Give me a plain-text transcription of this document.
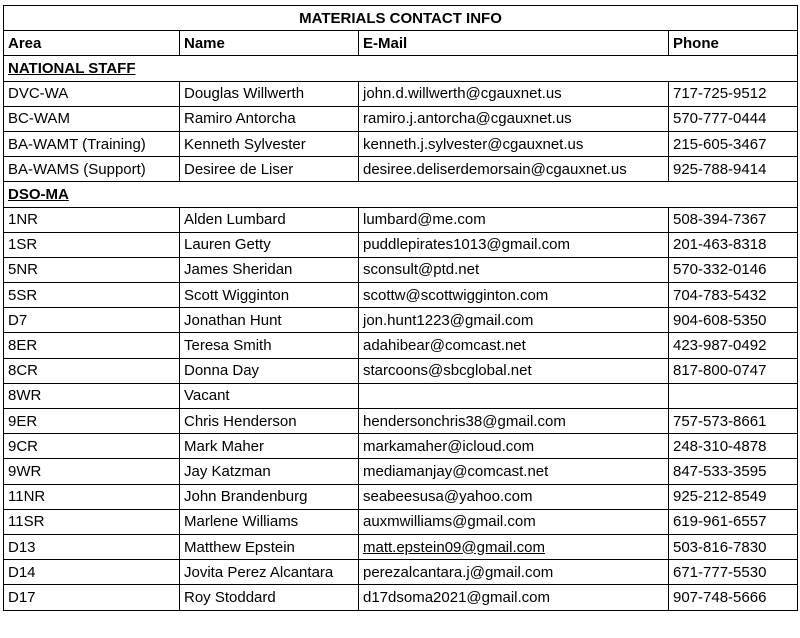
MATERIALS CONTACT INFO			
Area	Name	E-Mail	Phone
NATIONAL STAFF			
DVC-WA	Douglas Willwerth	john.d.willwerth@cgauxnet.us	717-725-9512
BC-WAM	Ramiro Antorcha	ramiro.j.antorcha@cgauxnet.us	570-777-0444
BA-WAMT (Training)	Kenneth Sylvester	kenneth.j.sylvester@cgauxnet.us	215-605-3467
BA-WAMS (Support)	Desiree de Liser	desiree.deliserdemorsain@cgauxnet.us	925-788-9414
DSO-MA			
1NR	Alden Lumbard	lumbard@me.com	508-394-7367
1SR	Lauren Getty	puddlepirates1013@gmail.com	201-463-8318
5NR	James Sheridan	sconsult@ptd.net	570-332-0146
5SR	Scott Wigginton	scottw@scottwigginton.com	704-783-5432
D7	Jonathan Hunt	jon.hunt1223@gmail.com	904-608-5350
8ER	Teresa Smith	adahibear@comcast.net	423-987-0492
8CR	Donna Day	starcoons@sbcglobal.net	817-800-0747
8WR	Vacant		
9ER	Chris Henderson	hendersonchris38@gmail.com	757-573-8661
9CR	Mark Maher	markamaher@icloud.com	248-310-4878
9WR	Jay Katzman	mediamanjay@comcast.net	847-533-3595
11NR	John Brandenburg	seabeesusa@yahoo.com	925-212-8549
11SR	Marlene Williams	auxmwilliams@gmail.com	619-961-6557
D13	Matthew Epstein	matt.epstein09@gmail.com	503-816-7830
D14	Jovita Perez Alcantara	perezalcantara.j@gmail.com	671-777-5530
D17	Roy Stoddard	d17dsoma2021@gmail.com	907-748-5666
